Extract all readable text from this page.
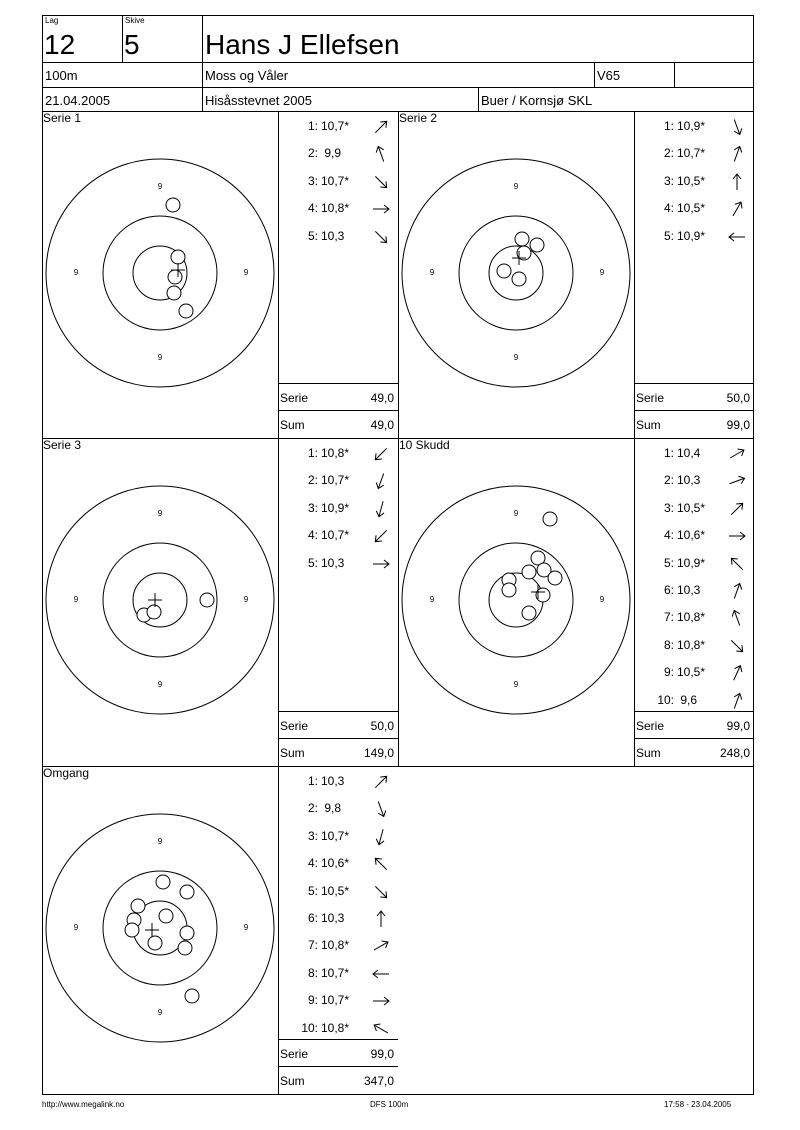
Lag
12
Skive
5 Hans J Ellefsen
100m	Moss og Våler	V65
21.04.2005	Hisåsstevnet 2005	Buer / Kornsjø SKL
Serie 1
9
9
9	9
1: 10,7*
2: 9,9
3: 10,7*
4: 10,8*
5: 10,3
Serie	49,0
Sum	49,0
Serie 2
9
9
9	9
1: 10,9*
2: 10,7*
3: 10,5*
4: 10,5*
5: 10,9*
Serie	50,0
Sum	99,0
Serie 3
9
9
9	9
1: 10,8*
2: 10,7*
3: 10,9*
4: 10,7*
5: 10,3
Serie	50,0
Sum	149,0
10 Skudd
9
9
9	9
1: 10,4
2: 10,3
3: 10,5*
4: 10,6*
5: 10,9*
6: 10,3
7: 10,8*
8: 10,8*
9: 10,5*
10: 9,6
Serie	99,0
Sum	248,0
Omgang
9
9
9	9
1: 10,3
2: 9,8
3: 10,7*
4: 10,6*
5: 10,5*
6: 10,3
7: 10,8*
8: 10,7*
9: 10,7*
10: 10,8*
Serie	99,0
Sum	347,0
http://www.megalink.no	DFS 100m	17:58 - 23.04.2005
